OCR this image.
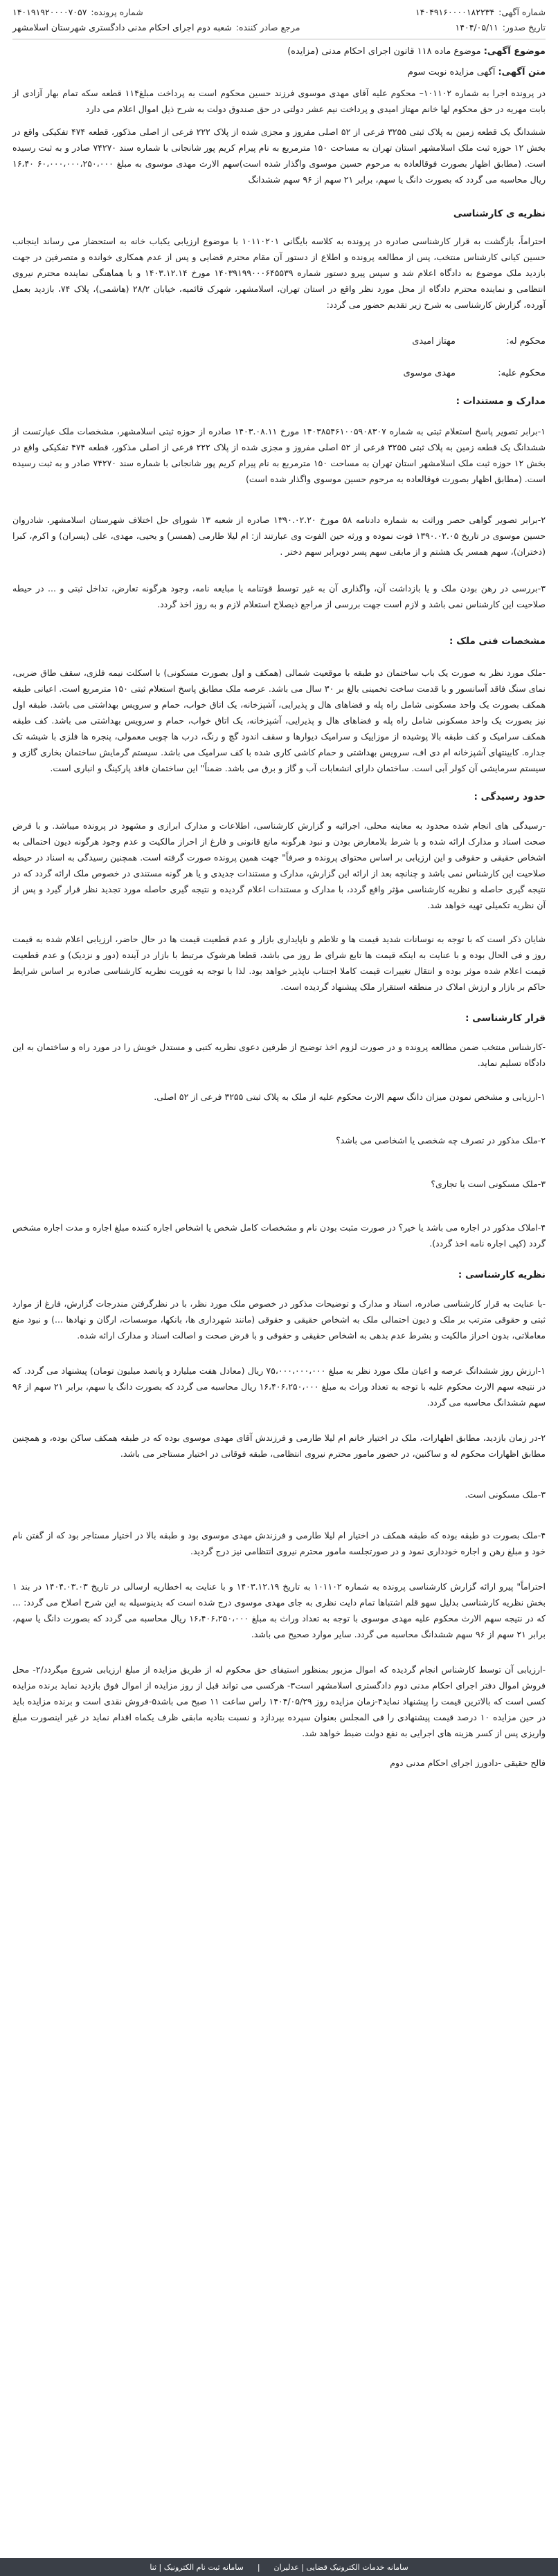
شماره آگهی:
۱۴۰۴۹۱۶۰۰۰۰۱۸۲۲۳۴
شماره پرونده:
۱۴۰۱۹۱۹۲۰۰۰۰۷۰۵۷
تاریخ صدور:
۱۴۰۴/۰۵/۱۱
مرجع صادر کننده:
شعبه دوم اجرای احکام مدنی دادگستری شهرستان اسلامشهر
موضوع آگهی: موضوع ماده ۱۱۸ قانون اجرای احکام مدنی (مزایده)
متن آگهی: آگهی مزایده نوبت سوم

در پرونده اجرا به شماره ۱۰۱۱۰۲– محکوم علیه آقای مهدی موسوی فرزند حسین محکوم است به پرداخت مبلغ۱۱۴ قطعه سکه تمام بهار آزادی از بابت مهریه در حق محکوم لها خانم مهتاز امیدی و پرداخت نیم عشر دولتی در حق صندوق دولت به شرح ذیل اموال اعلام می دارد

ششدانگ یک قطعه زمین به پلاک ثبتی ۳۲۵۵ فرعی از ۵۲ اصلی مفروز و مجزی شده از پلاک ۲۲۲ فرعی از اصلی مذکور، قطعه ۴۷۴ تفکیکی واقع در بخش ۱۲ حوزه ثبت ملک اسلامشهر استان تهران به مساحت ۱۵۰ مترمربع به نام پیرام کریم پور شانجانی با شماره سند ۷۴۲۷۰ صادر و به ثبت رسیده است. (مطابق اظهار بصورت فوقالعاده به مرحوم حسین موسوی واگذار شده است)سهم الارث مهدی موسوی به مبلغ ۶۰،۰۰۰،۰۰۰،۲۵۰،۰۰۰ ۱۶،۴۰ ریال محاسبه می گردد که بصورت دانگ یا سهم، برابر ۲۱ سهم از ۹۶ سهم ششدانگ

نظریه ی کارشناسی

احتراماً، بازگشت به قرار کارشناسی صادره در پرونده به کلاسه بایگانی ۱۰۱۱۰۲۰۱ با موضوع ارزیابی یکباب خانه به استحضار می رساند اینجانب حسین کیانی کارشناس منتخب، پس از مطالعه پرونده و اطلاع از دستور آن مقام محترم قضایی و پس از عدم همکاری خوانده و متصرفین در جهت بازدید ملک موضوع به دادگاه اعلام شد و سپس پیرو دستور شماره ۱۴۰۳۹۱۹۹۰۰۰۶۴۵۵۳۹ مورخ ۱۴۰۳.۱۲.۱۴ و با هماهنگی نماینده محترم نیروی انتظامی و نماینده محترم دادگاه از محل مورد نظر واقع در استان تهران، اسلامشهر، شهرک قائمیه، خیابان ۲۸/۲ (هاشمی)، پلاک ۷۴، بازدید بعمل آورده، گزارش کارشناسی به شرح زیر تقدیم حضور می گردد:

محکوم له:
مهتاز امیدی
محکوم علیه:
مهدی موسوی
مدارک و مستندات :

۱-برابر تصویر پاسخ استعلام ثبتی به شماره ۱۴۰۳۸۵۴۶۱۰۰۵۹۰۸۳۰۷ مورخ ۱۴۰۳.۰۸.۱۱ صادره از حوزه ثبتی اسلامشهر، مشخصات ملک عبارتست از ششدانگ یک قطعه زمین به پلاک ثبتی ۳۲۵۵ فرعی از ۵۲ اصلی مفروز و مجزی شده از پلاک ۲۲۲ فرعی از اصلی مذکور، قطعه ۴۷۴ تفکیکی واقع در بخش ۱۲ حوزه ثبت ملک اسلامشهر استان تهران به مساحت ۱۵۰ مترمربع به نام پیرام کریم پور شانجانی با شماره سند ۷۴۲۷۰ صادر و به ثبت رسیده است. (مطابق اظهار بصورت فوقالعاده به مرحوم حسین موسوی واگذار شده است)

۲-برابر تصویر گواهی حصر وراثت به شماره دادنامه ۵۸ مورخ ۱۳۹۰.۰۲.۲۰ صادره از شعبه ۱۳ شورای حل اختلاف شهرستان اسلامشهر، شادروان حسین موسوی در تاریخ ۱۳۹۰.۰۲.۰۵ فوت نموده و ورثه حین الفوت وی عبارتند از: ام لیلا طارمی (همسر) و یحیی، مهدی، علی (پسران) و اکرم، کبرا (دختران)، سهم همسر یک هشتم و از مابقی سهم پسر دوبرابر سهم دختر .

۳-بررسی در رهن بودن ملک و یا بازداشت آن، واگذاری آن به غیر توسط قوتنامه یا مبایعه نامه، وجود هرگونه تعارض، تداخل ثبتی و ... در حیطه صلاحیت این کارشناس نمی باشد و لازم است جهت بررسی از مراجع ذیصلاح استعلام لازم و به روز اخذ گردد.

مشخصات فنی ملک :

-ملک مورد نظر به صورت یک باب ساختمان دو طبقه با موقعیت شمالی (همکف و اول بصورت مسکونی) با اسکلت نیمه فلزی، سقف طاق ضربی، نمای سنگ فاقد آسانسور و با قدمت ساخت تخمینی بالغ بر ۳۰ سال می باشد. عرصه ملک مطابق پاسخ استعلام ثبتی ۱۵۰ مترمربع است. اعیانی طبقه همکف بصورت یک واحد مسکونی شامل راه پله و فضاهای هال و پذیرایی، آشپزخانه، یک اتاق خواب، حمام و سرویس بهداشتی می باشد. طبقه اول نیز بصورت یک واحد مسکونی شامل راه پله و فضاهای هال و پذیرایی، آشپزخانه، یک اتاق خواب، حمام و سرویس بهداشتی می باشد. کف طبقه همکف سرامیک و کف طبقه بالا پوشیده از موزاییک و سرامیک دیوارها و سقف اندود گچ و رنگ، درب ها چوبی معمولی، پنجره ها فلزی با شیشه تک جداره. کابینتهای آشپزخانه ام دی اف، سرویس بهداشتی و حمام کاشی کاری شده با کف سرامیک می باشد. سیستم گرمایش ساختمان بخاری گازی و سیستم سرمایشی آن کولر آبی است. ساختمان دارای انشعابات آب و گاز و برق می باشد. ضمناً" این ساختمان فاقد پارکینگ و انباری است.

حدود رسیدگی :

-رسیدگی های انجام شده محدود به معاینه محلی، اجرائیه و گزارش کارشناسی، اطلاعات و مدارک ابرازی و مشهود در پرونده میباشد. و با فرض صحت اسناد و مدارک ارائه شده و با شرط بلامعارض بودن و نبود هرگونه مانع قانونی و فارغ از احراز مالکیت و عدم وجود هرگونه دیون احتمالی به اشخاص حقیقی و حقوقی و این ارزیابی بر اساس محتوای پرونده و صرفاً" جهت همین پرونده صورت گرفته است. همچنین رسیدگی به اسناد در حیطه صلاحیت این کارشناس نمی باشد و چنانچه بعد از ارائه این گزارش، مدارک و مستندات جدیدی و یا هر گونه مستندی در خصوص ملک ارائه گردد که در نتیجه گیری حاصله و نظریه کارشناسی مؤثر واقع گردد، با مدارک و مستندات اعلام گردیده و نتیجه گیری حاصله مورد تجدید نظر قرار گیرد و پس از آن نظریه تکمیلی تهیه خواهد شد.

شایان ذکر است که با توجه به نوسانات شدید قیمت ها و تلاطم و ناپایداری بازار و عدم قطعیت قیمت ها در حال حاضر، ارزیابی اعلام شده به قیمت روز و فی الحال بوده و با عنایت به اینکه قیمت ها تابع شرای ط روز می باشد، قطعا هرشوک مرتبط با بازار در آینده (دور و نزدیک) و عدم قطعیت قیمت اعلام شده موثر بوده و انتقال تغییرات قیمت کاملا اجتناب ناپذیر خواهد بود. لذا با توجه به فوریت نظریه کارشناسی صادره بر اساس شرایط حاکم بر بازار و ارزش املاک در منطقه استقرار ملک پیشنهاد گردیده است.

قرار کارشناسی :

-کارشناس منتخب ضمن مطالعه پرونده و در صورت لزوم اخذ توضیح از طرفین دعوی نظریه کتبی و مستدل خویش را در مورد راه و ساختمان به این دادگاه تسلیم نماید.

۱-ارزیابی و مشخص نمودن میزان دانگ سهم الارث محکوم علیه از ملک به پلاک ثبتی ۳۲۵۵ فرعی از ۵۲ اصلی.

۲-ملک مذکور در تصرف چه شخصی یا اشخاصی می باشد؟

۳-ملک مسکونی است یا تجاری؟

۴-املاک مذکور در اجاره می باشد یا خیر؟ در صورت مثبت بودن نام و مشخصات کامل شخص یا اشخاص اجاره کننده مبلغ اجاره و مدت اجاره مشخص گردد (کپی اجاره نامه اخذ گردد).

نظریه کارشناسی :

-با عنایت به قرار کارشناسی صادره، اسناد و مدارک و توضیحات مذکور در خصوص ملک مورد نظر، با در نظرگرفتن مندرجات گزارش، فارغ از موارد ثبتی و حقوقی مترتب بر ملک و دیون احتمالی ملک به اشخاص حقیقی و حقوقی (مانند شهرداری ها، بانکها، موسسات، ارگان و نهادها ...) و نبود منع معاملاتی، بدون احراز مالکیت و بشرط عدم بدهی به اشخاص حقیقی و حقوقی و با فرض صحت و اصالت اسناد و مدارک ارائه شده.

۱-ارزش روز ششدانگ عرصه و اعیان ملک مورد نظر به مبلغ ۷۵،۰۰۰،۰۰۰،۰۰۰ ریال (معادل هفت میلیارد و پانصد میلیون تومان) پیشنهاد می گردد. که در نتیجه سهم الارث محکوم علیه با توجه به تعداد وراث به مبلغ ۱۶،۴۰۶،۲۵۰،۰۰۰ ریال محاسبه می گردد که بصورت دانگ یا سهم، برابر ۲۱ سهم از ۹۶ سهم ششدانگ محاسبه می گردد.

۲-در زمان بازدید، مطابق اظهارات، ملک در اختیار خانم ام لیلا طارمی و فرزندش آقای مهدی موسوی بوده که در طبقه همکف ساکن بوده، و همچنین مطابق اظهارات محکوم له و ساکنین، در حضور مامور محترم نیروی انتظامی، طبقه فوقانی در اختیار مستاجر می باشد.

۳-ملک مسکونی است.

۴-ملک بصورت دو طبقه بوده که طبقه همکف در اختیار ام لیلا طارمی و فرزندش مهدی موسوی بود و طبقه بالا در اختیار مستاجر بود که از گفتن نام خود و مبلغ رهن و اجاره خودداری نمود و در صورتجلسه مامور محترم نیروی انتظامی نیز درج گردید.

احتراماً" پیرو ارائه گزارش کارشناسی پرونده به شماره ۱۰۱۱۰۲ به تاریخ ۱۴۰۳.۱۲.۱۹ و با عنایت به اخطاریه ارسالی در تاریخ ۱۴۰۴.۰۳.۰۳ در بند ۱ بخش نظریه کارشناسی بدلیل سهو قلم اشتباها تمام دایت نظری به جای مهدی موسوی درج شده است که بدینوسیله به این شرح اصلاح می گردد: ... که در نتیجه سهم الارث محکوم علیه مهدی موسوی با توجه به تعداد وراث به مبلغ ۱۶،۴۰۶،۲۵۰،۰۰۰ ریال محاسبه می گردد که بصورت دانگ یا سهم، برابر ۲۱ سهم از ۹۶ سهم ششدانگ محاسبه می گردد. سایر موارد صحیح می باشد.

-ارزیابی آن توسط کارشناس انجام گردیده که اموال مزبور بمنظور استیفای حق محکوم له از طریق مزایده از مبلغ ارزیابی شروع میگردد/٢- محل فروش اموال دفتر اجرای احکام مدنی دوم دادگستری اسلامشهر است۳- هرکسی می تواند قبل از روز مزایده از اموال فوق بازدید نماید برنده مزایده کسی است که بالاترین قیمت را پیشنهاد نماید۴-زمان مزایده روز ۱۴۰۴/۰۵/۲۹ راس ساعت ۱۱ صبح می باشد۵-فروش نقدی است و برنده مزایده باید در حین مزایده ۱۰ درصد قیمت پیشنهادی را فی المجلس بعنوان سپرده بپردازد و نسبت بتادیه مابقی ظرف یکماه اقدام نماید در غیر اینصورت مبلغ واریزی پس از کسر هزینه های اجرایی به نفع دولت ضبط خواهد شد.

فالح حقیقی -دادورز اجرای احکام مدنی دوم

سامانه خدمات الکترونیک قضایی | عدلیران
|
سامانه ثبت نام الکترونیک | ثنا
